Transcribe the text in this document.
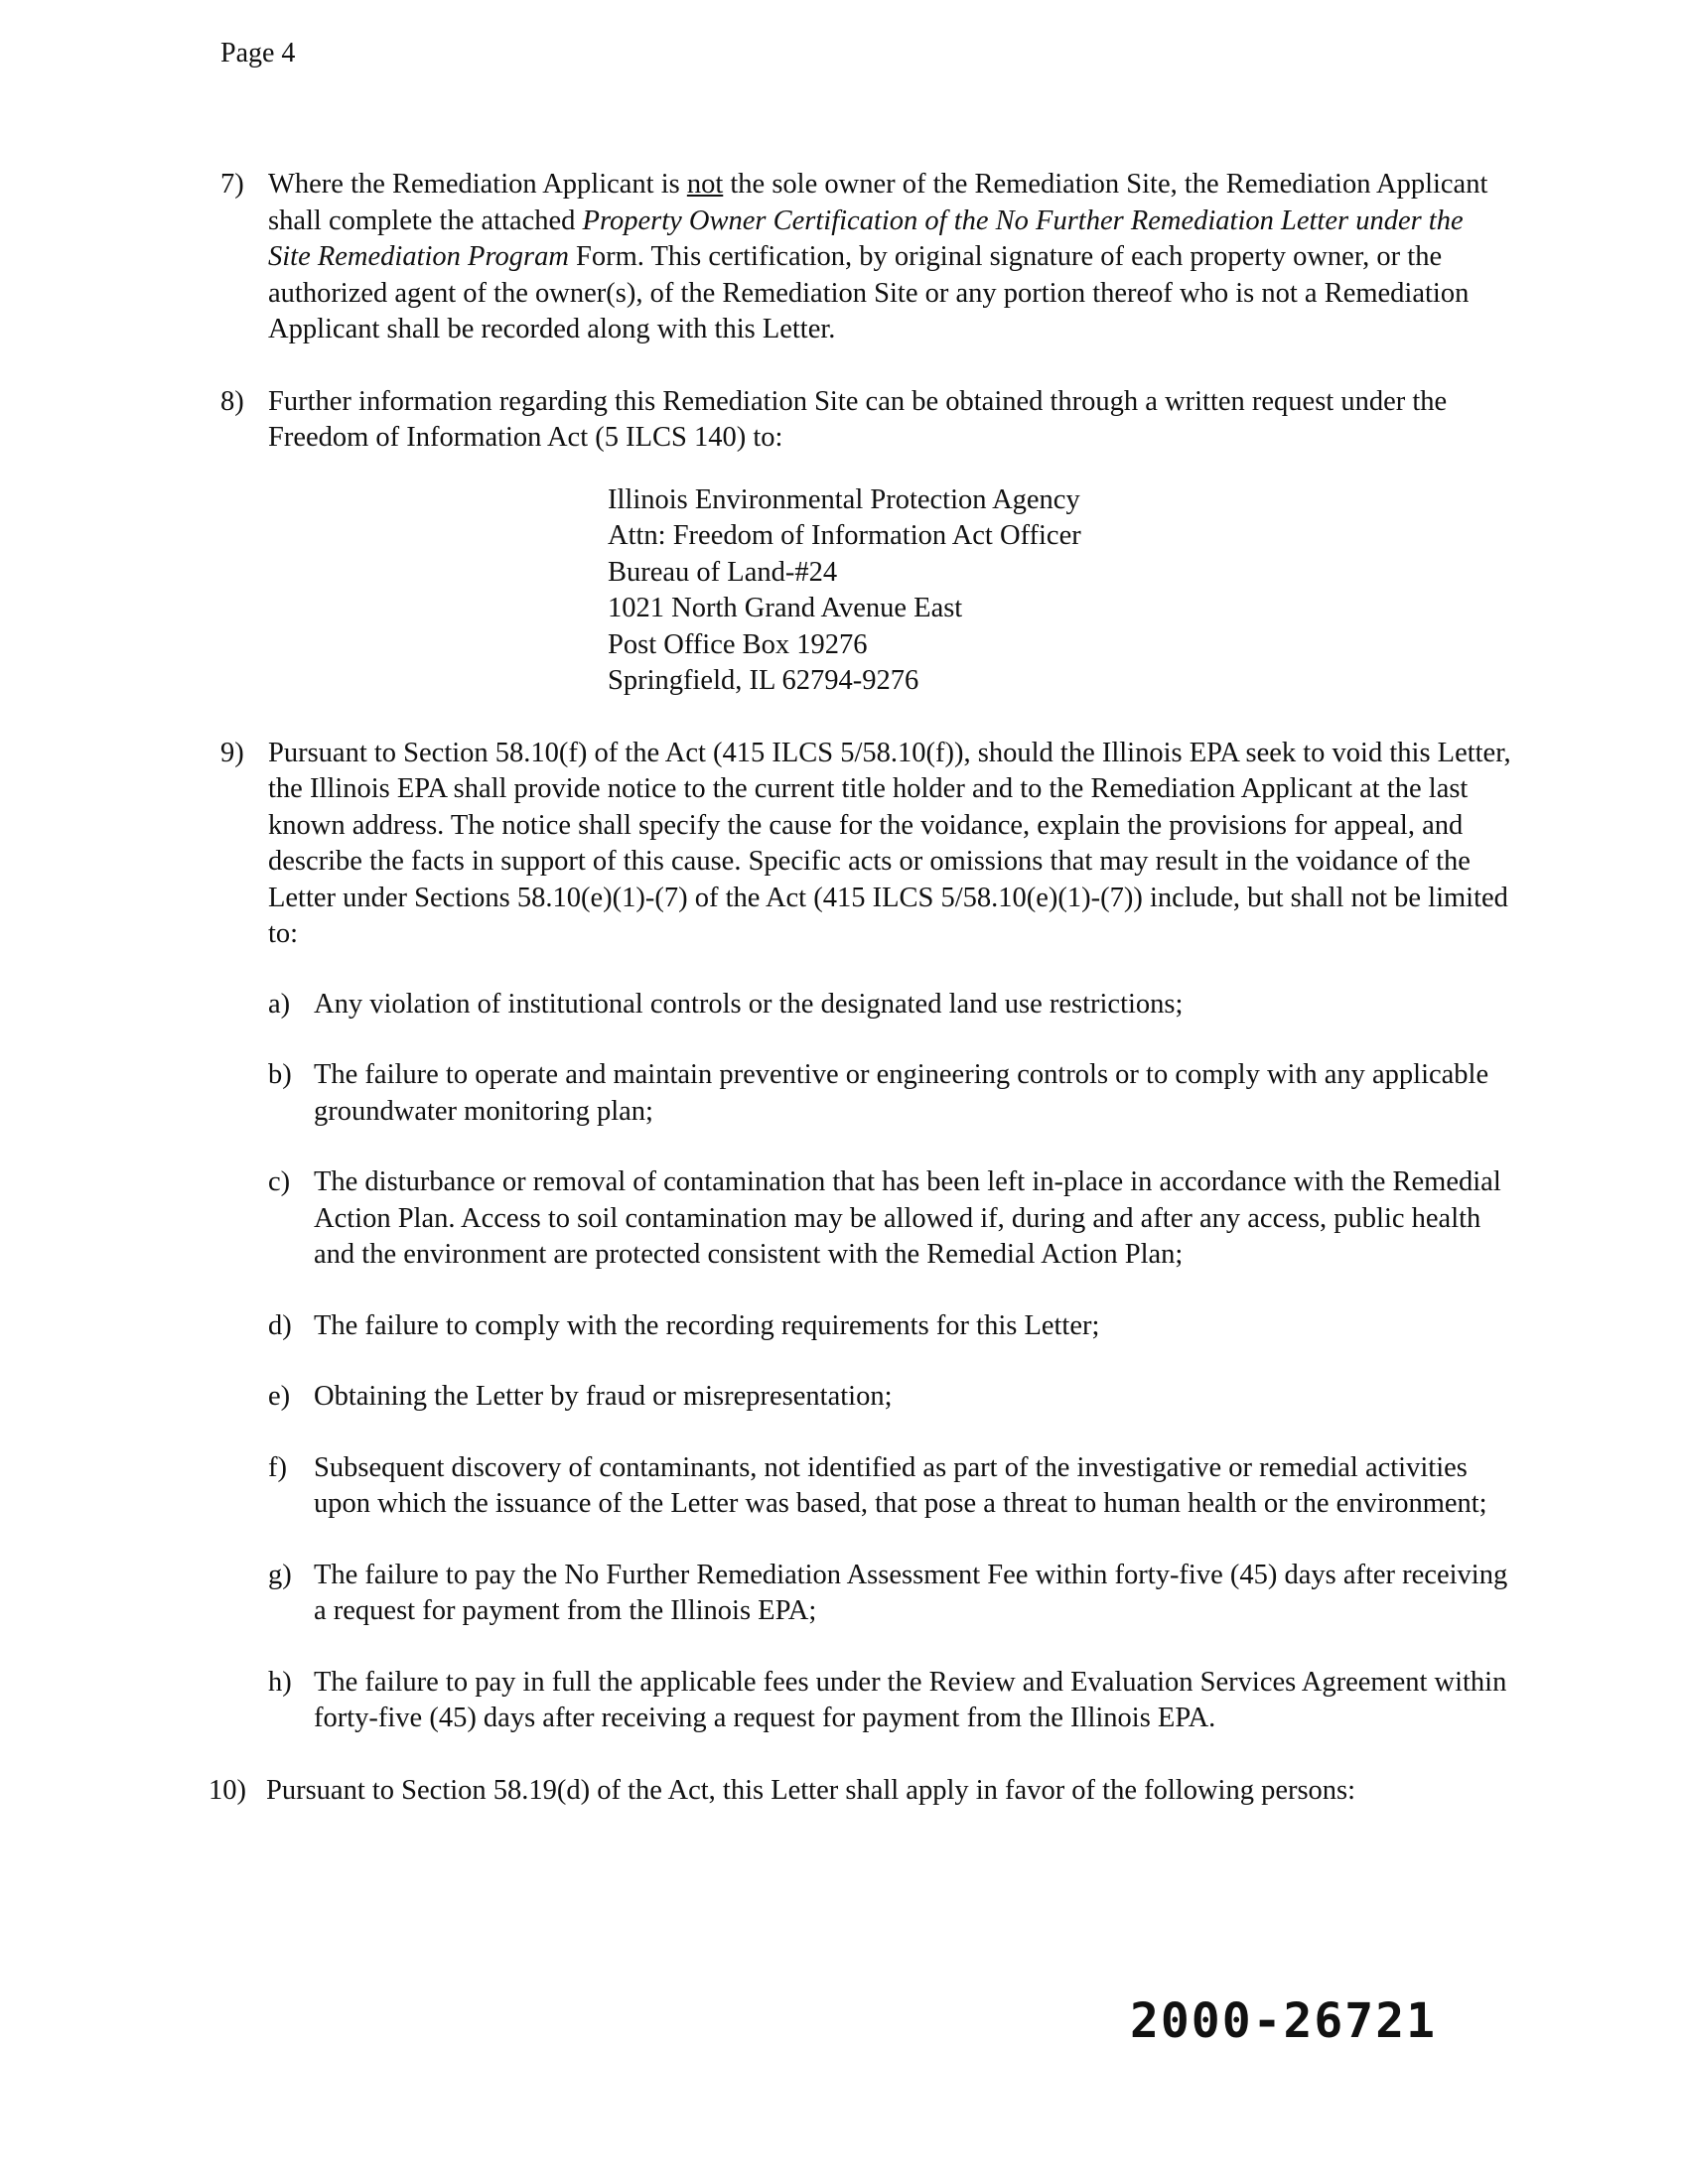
Page 4
7) Where the Remediation Applicant is not the sole owner of the Remediation Site, the Remediation Applicant shall complete the attached Property Owner Certification of the No Further Remediation Letter under the Site Remediation Program Form. This certification, by original signature of each property owner, or the authorized agent of the owner(s), of the Remediation Site or any portion thereof who is not a Remediation Applicant shall be recorded along with this Letter.
8) Further information regarding this Remediation Site can be obtained through a written request under the Freedom of Information Act (5 ILCS 140) to:
Illinois Environmental Protection Agency
Attn: Freedom of Information Act Officer
Bureau of Land-#24
1021 North Grand Avenue East
Post Office Box 19276
Springfield, IL 62794-9276
9) Pursuant to Section 58.10(f) of the Act (415 ILCS 5/58.10(f)), should the Illinois EPA seek to void this Letter, the Illinois EPA shall provide notice to the current title holder and to the Remediation Applicant at the last known address. The notice shall specify the cause for the voidance, explain the provisions for appeal, and describe the facts in support of this cause. Specific acts or omissions that may result in the voidance of the Letter under Sections 58.10(e)(1)-(7) of the Act (415 ILCS 5/58.10(e)(1)-(7)) include, but shall not be limited to:
a) Any violation of institutional controls or the designated land use restrictions;
b) The failure to operate and maintain preventive or engineering controls or to comply with any applicable groundwater monitoring plan;
c) The disturbance or removal of contamination that has been left in-place in accordance with the Remedial Action Plan. Access to soil contamination may be allowed if, during and after any access, public health and the environment are protected consistent with the Remedial Action Plan;
d) The failure to comply with the recording requirements for this Letter;
e) Obtaining the Letter by fraud or misrepresentation;
f) Subsequent discovery of contaminants, not identified as part of the investigative or remedial activities upon which the issuance of the Letter was based, that pose a threat to human health or the environment;
g) The failure to pay the No Further Remediation Assessment Fee within forty-five (45) days after receiving a request for payment from the Illinois EPA;
h) The failure to pay in full the applicable fees under the Review and Evaluation Services Agreement within forty-five (45) days after receiving a request for payment from the Illinois EPA.
10) Pursuant to Section 58.19(d) of the Act, this Letter shall apply in favor of the following persons:
2000-26721
